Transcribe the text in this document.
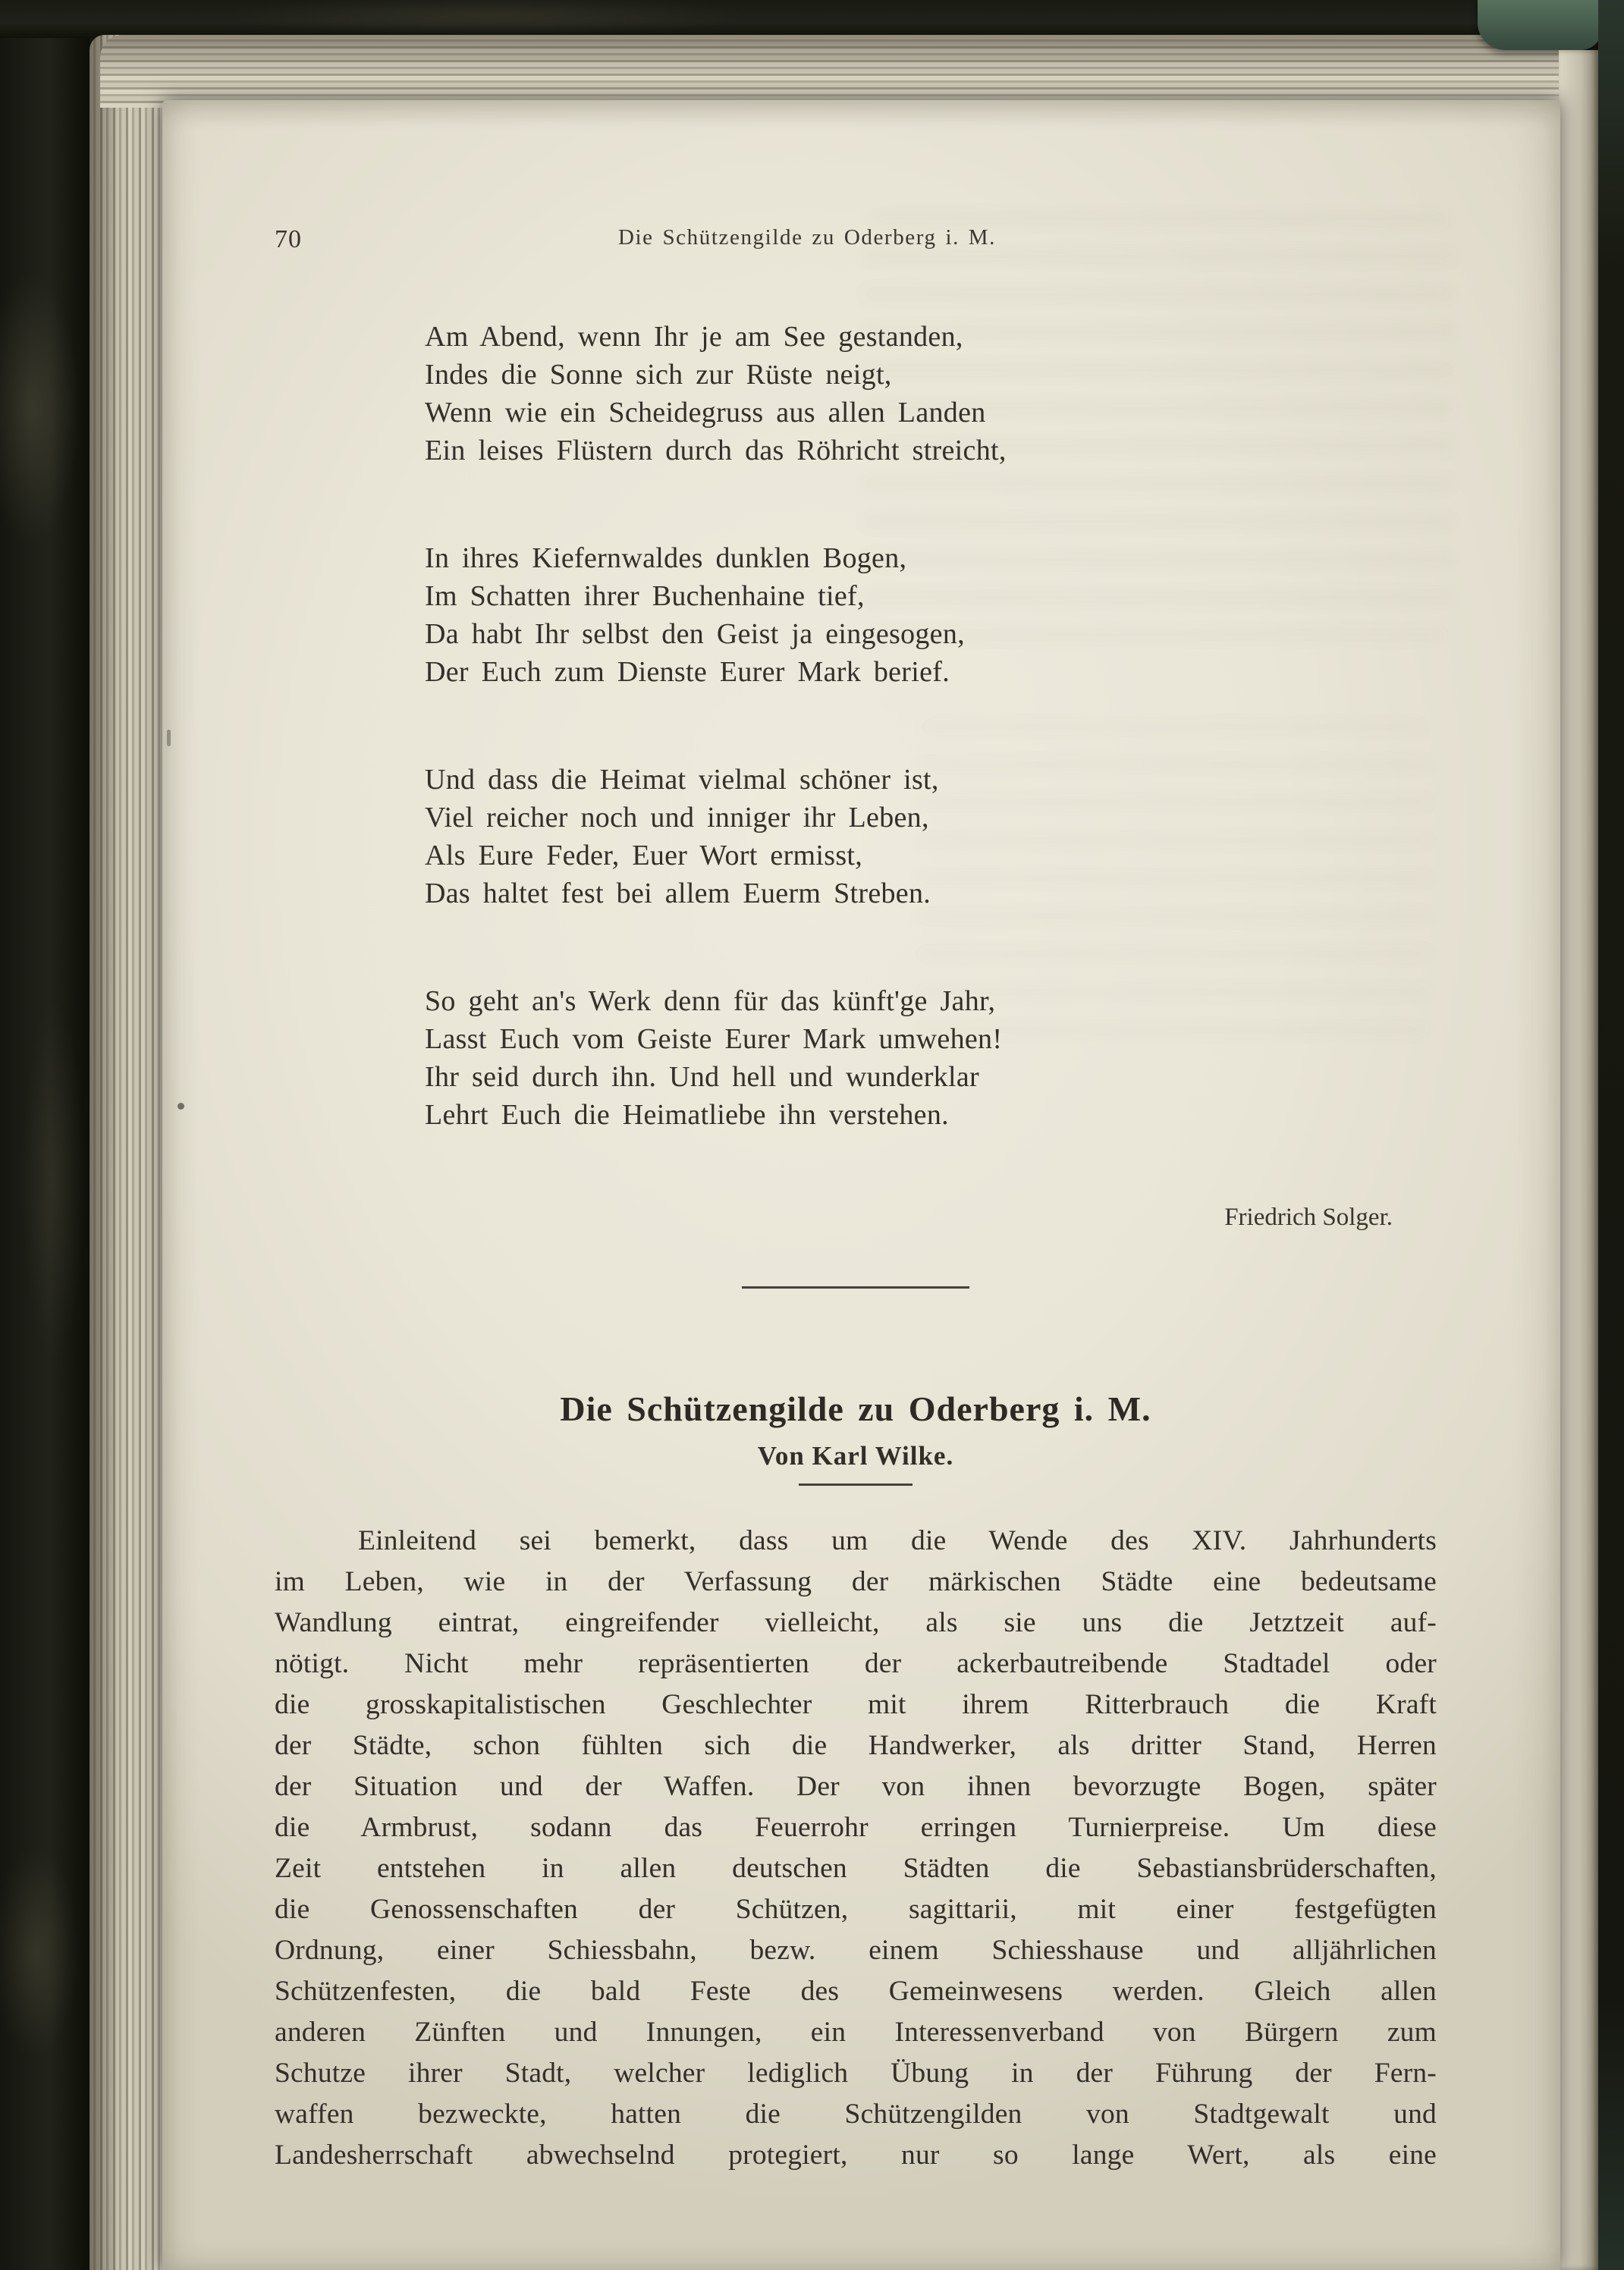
70	Die Schützengilde zu Oderberg i. M.
Am Abend, wenn Ihr je am See gestanden,
Indes die Sonne sich zur Rüste neigt,
Wenn wie ein Scheidegruss aus allen Landen
Ein leises Flüstern durch das Röhricht streicht,
In ihres Kiefernwaldes dunklen Bogen,
Im Schatten ihrer Buchenhaine tief,
Da habt Ihr selbst den Geist ja eingesogen,
Der Euch zum Dienste Eurer Mark berief.
Und dass die Heimat vielmal schöner ist,
Viel reicher noch und inniger ihr Leben,
Als Eure Feder, Euer Wort ermisst,
Das haltet fest bei allem Euerm Streben.
So geht an's Werk denn für das künft'ge Jahr,
Lasst Euch vom Geiste Eurer Mark umwehen!
Ihr seid durch ihn. Und hell und wunderklar
Lehrt Euch die Heimatliebe ihn verstehen.
Friedrich Solger.
Die Schützengilde zu Oderberg i. M.
Von Karl Wilke.
Einleitend sei bemerkt, dass um die Wende des XIV. Jahrhunderts
im Leben, wie in der Verfassung der märkischen Städte eine bedeutsame
Wandlung eintrat, eingreifender vielleicht, als sie uns die Jetztzeit auf-
nötigt. Nicht mehr repräsentierten der ackerbautreibende Stadtadel oder
die grosskapitalistischen Geschlechter mit ihrem Ritterbrauch die Kraft
der Städte, schon fühlten sich die Handwerker, als dritter Stand, Herren
der Situation und der Waffen. Der von ihnen bevorzugte Bogen, später
die Armbrust, sodann das Feuerrohr erringen Turnierpreise. Um diese
Zeit entstehen in allen deutschen Städten die Sebastiansbrüderschaften,
die Genossenschaften der Schützen, sagittarii, mit einer festgefügten
Ordnung, einer Schiessbahn, bezw. einem Schiesshause und alljährlichen
Schützenfesten, die bald Feste des Gemeinwesens werden. Gleich allen
anderen Zünften und Innungen, ein Interessenverband von Bürgern zum
Schutze ihrer Stadt, welcher lediglich Übung in der Führung der Fern-
waffen bezweckte, hatten die Schützengilden von Stadtgewalt und
Landesherrschaft abwechselnd protegiert, nur so lange Wert, als eine
